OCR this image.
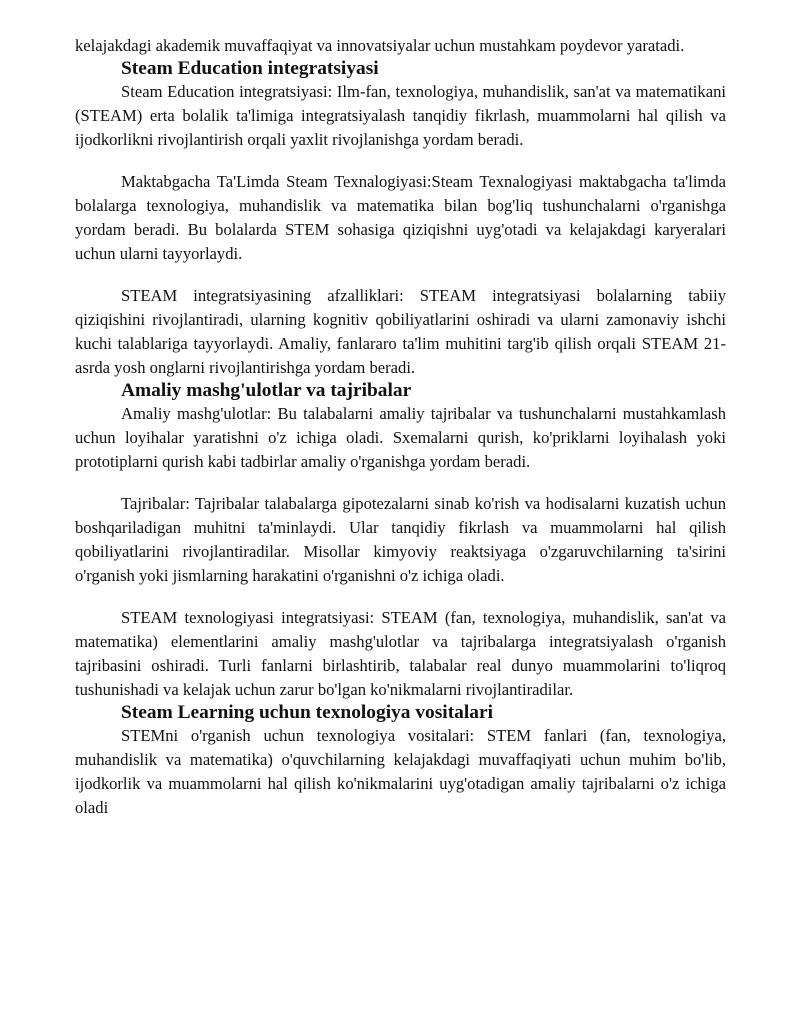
kelajakdagi akademik muvaffaqiyat va innovatsiyalar uchun mustahkam poydevor yaratadi.

Steam Education integratsiyasi

Steam Education integratsiyasi: Ilm-fan, texnologiya, muhandislik, san'at va matematikani (STEAM) erta bolalik ta'limiga integratsiyalash tanqidiy fikrlash, muammolarni hal qilish va ijodkorlikni rivojlantirish orqali yaxlit rivojlanishga yordam beradi.

Maktabgacha Ta'Limda Steam Texnalogiyasi:Steam Texnalogiyasi maktabgacha ta'limda bolalarga texnologiya, muhandislik va matematika bilan bog'liq tushunchalarni o'rganishga yordam beradi. Bu bolalarda STEM sohasiga qiziqishni uyg'otadi va kelajakdagi karyeralari uchun ularni tayyorlaydi.

STEAM integratsiyasining afzalliklari: STEAM integratsiyasi bolalarning tabiiy qiziqishini rivojlantiradi, ularning kognitiv qobiliyatlarini oshiradi va ularni zamonaviy ishchi kuchi talablariga tayyorlaydi. Amaliy, fanlararo ta'lim muhitini targ'ib qilish orqali STEAM 21-asrda yosh onglarni rivojlantirishga yordam beradi.

Amaliy mashg'ulotlar va tajribalar

Amaliy mashg'ulotlar: Bu talabalarni amaliy tajribalar va tushunchalarni mustahkamlash uchun loyihalar yaratishni o'z ichiga oladi. Sxemalarni qurish, ko'priklarni loyihalash yoki prototiplarni qurish kabi tadbirlar amaliy o'rganishga yordam beradi.

Tajribalar: Tajribalar talabalarga gipotezalarni sinab ko'rish va hodisalarni kuzatish uchun boshqariladigan muhitni ta'minlaydi. Ular tanqidiy fikrlash va muammolarni hal qilish qobiliyatlarini rivojlantiradilar. Misollar kimyoviy reaktsiyaga o'zgaruvchilarning ta'sirini o'rganish yoki jismlarning harakatini o'rganishni o'z ichiga oladi.

STEAM texnologiyasi integratsiyasi: STEAM (fan, texnologiya, muhandislik, san'at va matematika) elementlarini amaliy mashg'ulotlar va tajribalarga integratsiyalash o'rganish tajribasini oshiradi. Turli fanlarni birlashtirib, talabalar real dunyo muammolarini to'liqroq tushunishadi va kelajak uchun zarur bo'lgan ko'nikmalarni rivojlantiradilar.

Steam Learning uchun texnologiya vositalari

STEMni o'rganish uchun texnologiya vositalari: STEM fanlari (fan, texnologiya, muhandislik va matematika) o'quvchilarning kelajakdagi muvaffaqiyati uchun muhim bo'lib, ijodkorlik va muammolarni hal qilish ko'nikmalarini uyg'otadigan amaliy tajribalarni o'z ichiga oladi
